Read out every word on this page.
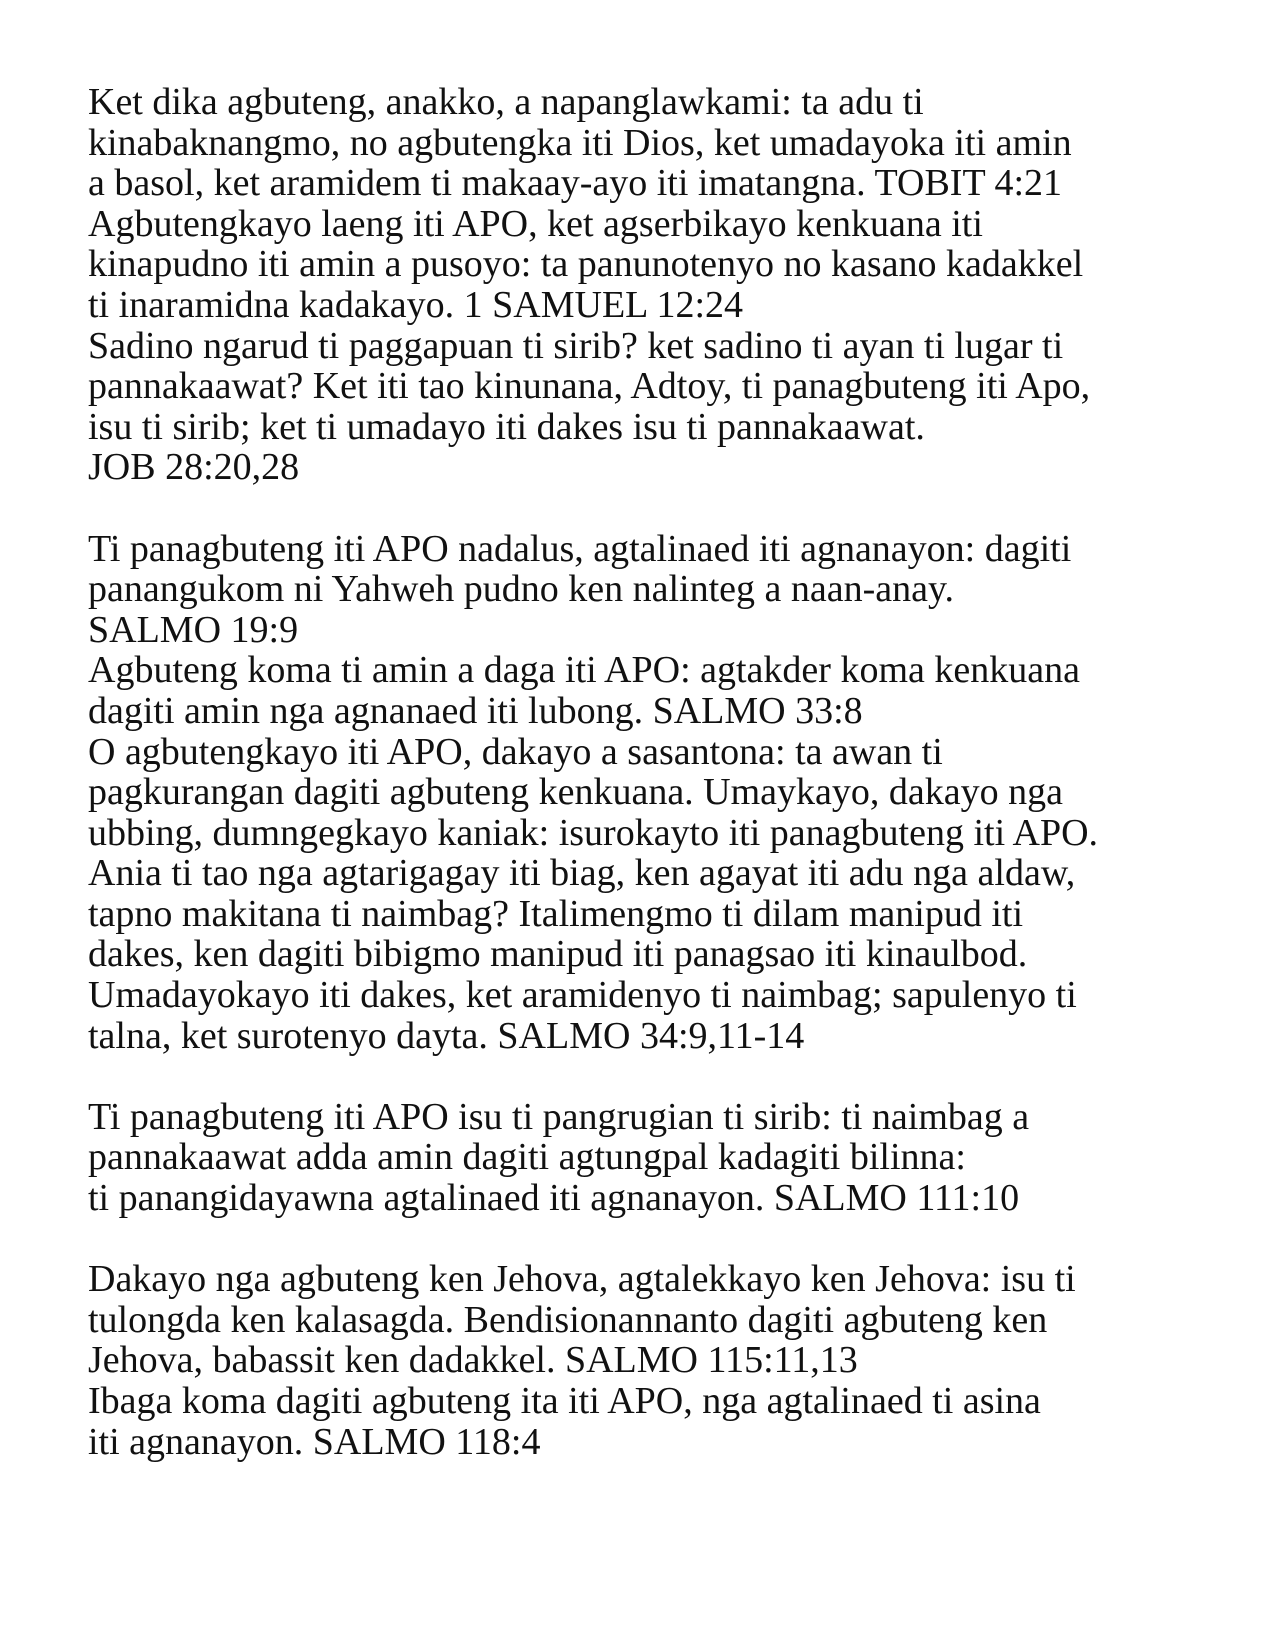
Ket dika agbuteng, anakko, a napanglawkami: ta adu ti
kinabaknangmo, no agbutengka iti Dios, ket umadayoka iti amin
a basol, ket aramidem ti makaay-ayo iti imatangna. TOBIT 4:21
Agbutengkayo laeng iti APO, ket agserbikayo kenkuana iti
kinapudno iti amin a pusoyo: ta panunotenyo no kasano kadakkel
ti inaramidna kadakayo. 1 SAMUEL 12:24
Sadino ngarud ti paggapuan ti sirib? ket sadino ti ayan ti lugar ti
pannakaawat? Ket iti tao kinunana, Adtoy, ti panagbuteng iti Apo,
isu ti sirib; ket ti umadayo iti dakes isu ti pannakaawat.
JOB 28:20,28
Ti panagbuteng iti APO nadalus, agtalinaed iti agnanayon: dagiti
panangukom ni Yahweh pudno ken nalinteg a naan-anay.
SALMO 19:9
Agbuteng koma ti amin a daga iti APO: agtakder koma kenkuana
dagiti amin nga agnanaed iti lubong. SALMO 33:8
O agbutengkayo iti APO, dakayo a sasantona: ta awan ti
pagkurangan dagiti agbuteng kenkuana. Umaykayo, dakayo nga
ubbing, dumngegkayo kaniak: isurokayto iti panagbuteng iti APO.
Ania ti tao nga agtarigagay iti biag, ken agayat iti adu nga aldaw,
tapno makitana ti naimbag? Italimengmo ti dilam manipud iti
dakes, ken dagiti bibigmo manipud iti panagsao iti kinaulbod.
Umadayokayo iti dakes, ket aramidenyo ti naimbag; sapulenyo ti
talna, ket surotenyo dayta. SALMO 34:9,11-14
Ti panagbuteng iti APO isu ti pangrugian ti sirib: ti naimbag a
pannakaawat adda amin dagiti agtungpal kadagiti bilinna:
ti panangidayawna agtalinaed iti agnanayon. SALMO 111:10
Dakayo nga agbuteng ken Jehova, agtalekkayo ken Jehova: isu ti
tulongda ken kalasagda. Bendisionannanto dagiti agbuteng ken
Jehova, babassit ken dadakkel. SALMO 115:11,13
Ibaga koma dagiti agbuteng ita iti APO, nga agtalinaed ti asina
iti agnanayon. SALMO 118:4
